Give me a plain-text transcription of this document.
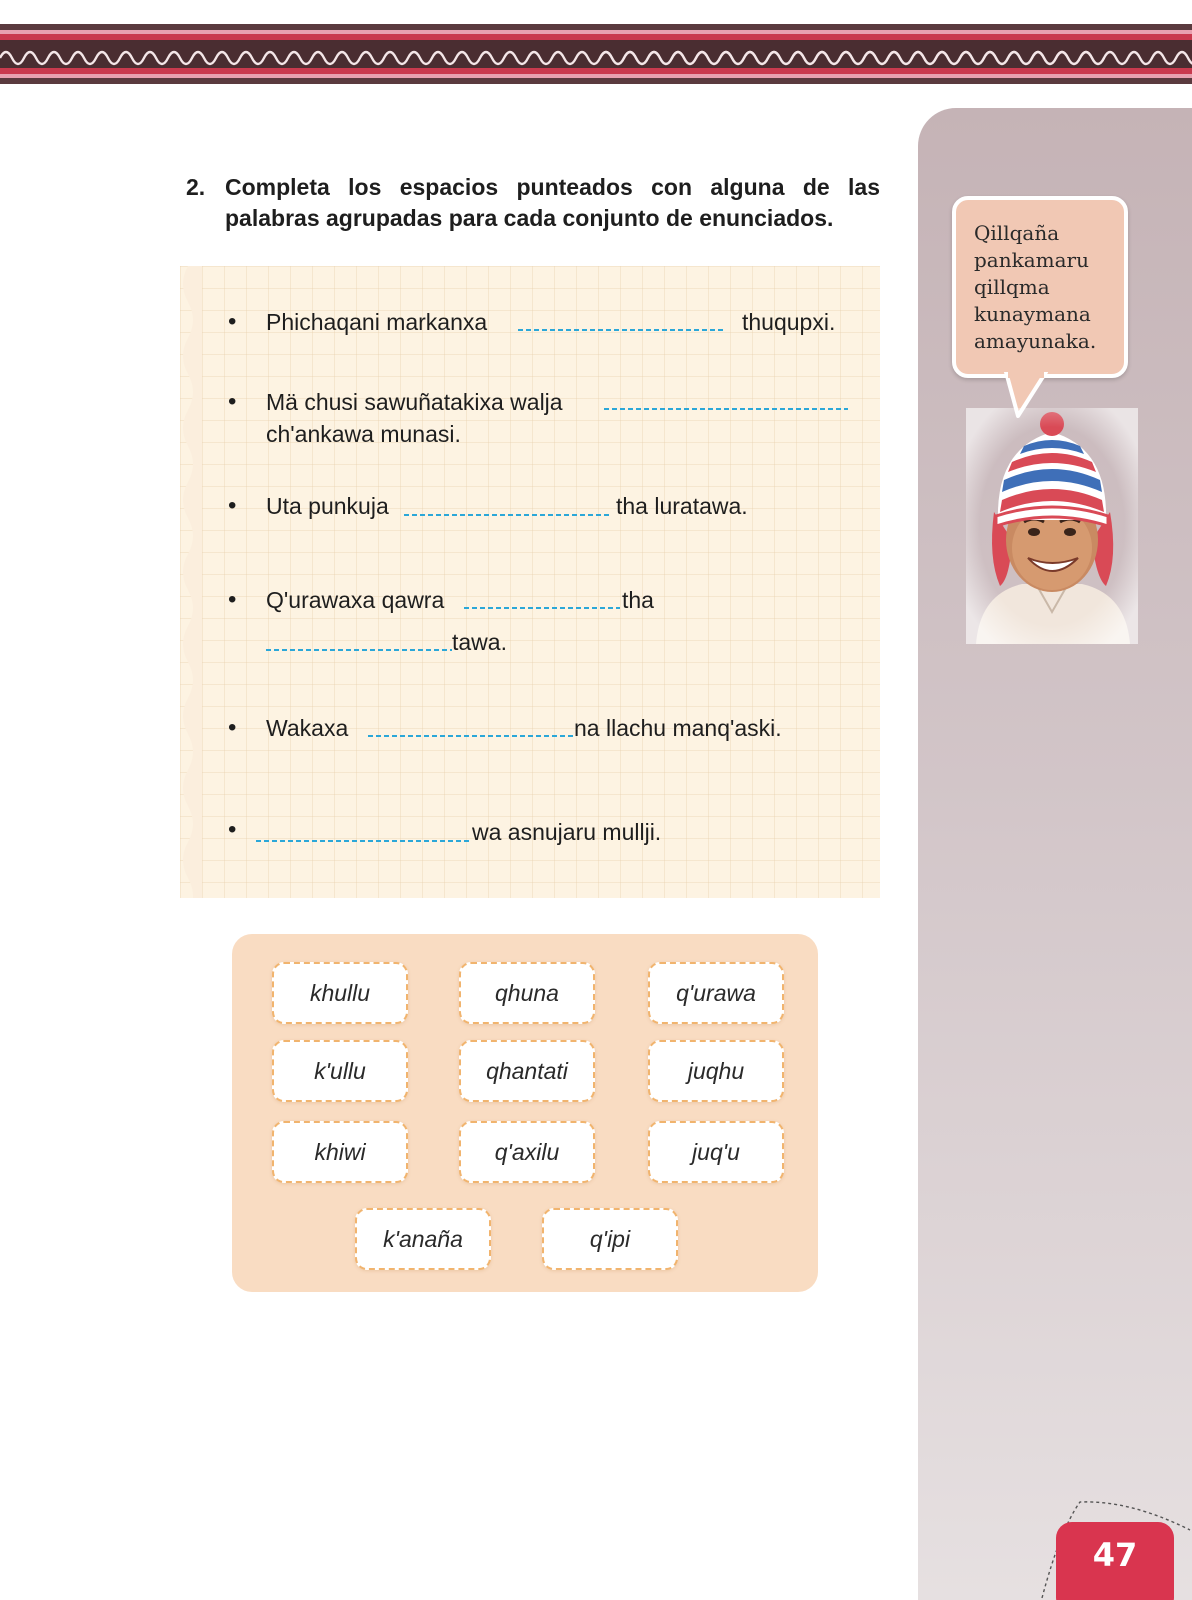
Qillqaña
pankamaru
qillqma
kunaymana
amayunaka.
47
2. Completa los espacios punteados con alguna de las palabras agrupadas para cada conjunto de enunciados.

• Phichaqani markanxa	thuqupxi.
• Mä chusi sawuñatakixa walja
ch'ankawa munasi.
• Uta punkuja	tha luratawa.
• Q'urawaxa qawra	tha
tawa.
• Wakaxa	na llachu manq'aski.
•	wa asnujaru mullji.
khullu	qhuna	q'urawa
k'ullu	qhantati	juqhu
khiwi	q'axilu	juq'u
k'anaña	q'ipi
